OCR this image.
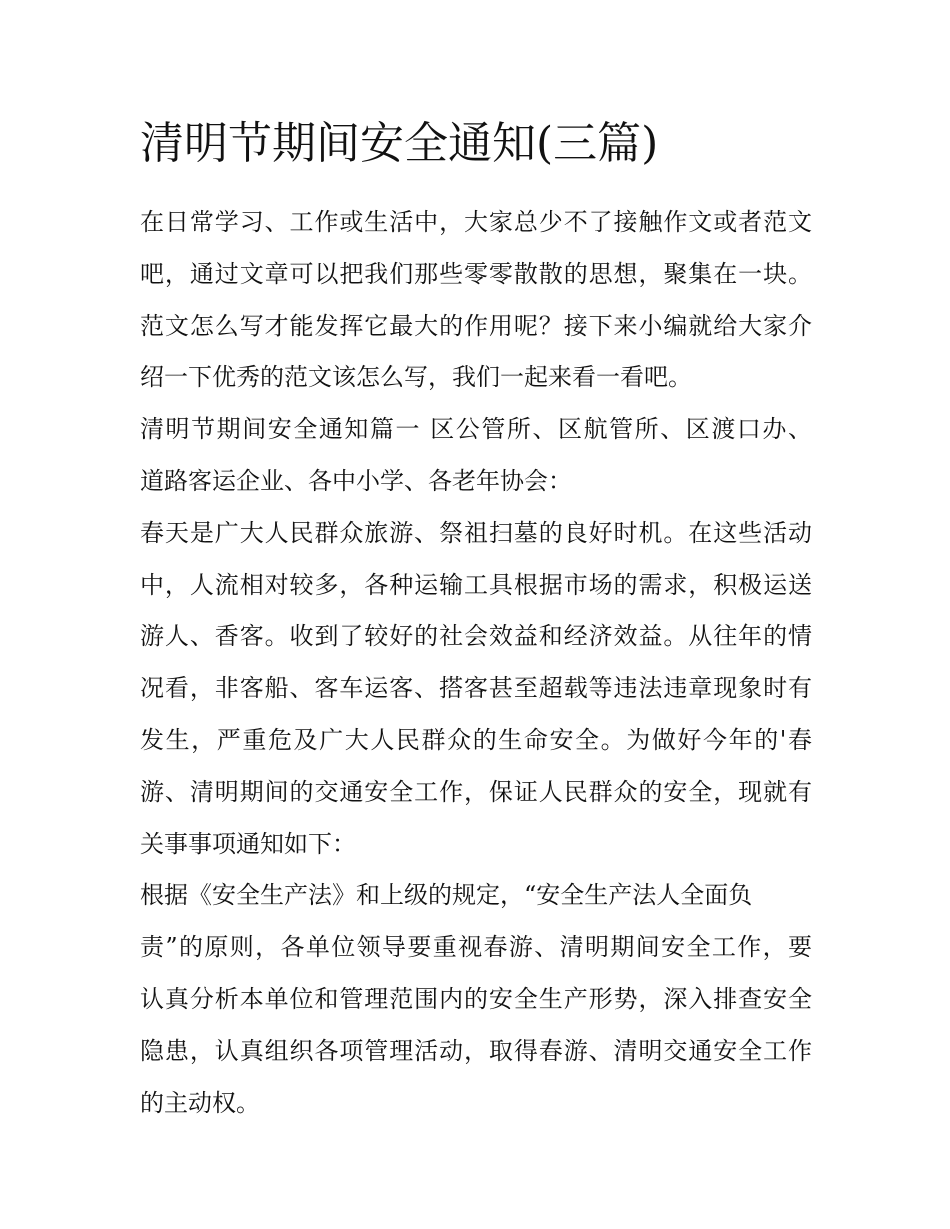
清明节期间安全通知(三篇)

在日常学习、工作或生活中，大家总少不了接触作文或者范文

吧，通过文章可以把我们那些零零散散的思想，聚集在一块。

范文怎么写才能发挥它最大的作用呢？接下来小编就给大家介

绍一下优秀的范文该怎么写，我们一起来看一看吧。

清明节期间安全通知篇一 区公管所、区航管所、区渡口办、

道路客运企业、各中小学、各老年协会：

春天是广大人民群众旅游、祭祖扫墓的良好时机。在这些活动

中，人流相对较多，各种运输工具根据市场的需求，积极运送

游人、香客。收到了较好的社会效益和经济效益。从往年的情

况看，非客船、客车运客、搭客甚至超载等违法违章现象时有

发生，严重危及广大人民群众的生命安全。为做好今年的'春

游、清明期间的交通安全工作，保证人民群众的安全，现就有

关事事项通知如下：

根据《安全生产法》和上级的规定，“安全生产法人全面负

责”的原则，各单位领导要重视春游、清明期间安全工作，要

认真分析本单位和管理范围内的安全生产形势，深入排查安全

隐患，认真组织各项管理活动，取得春游、清明交通安全工作

的主动权。
